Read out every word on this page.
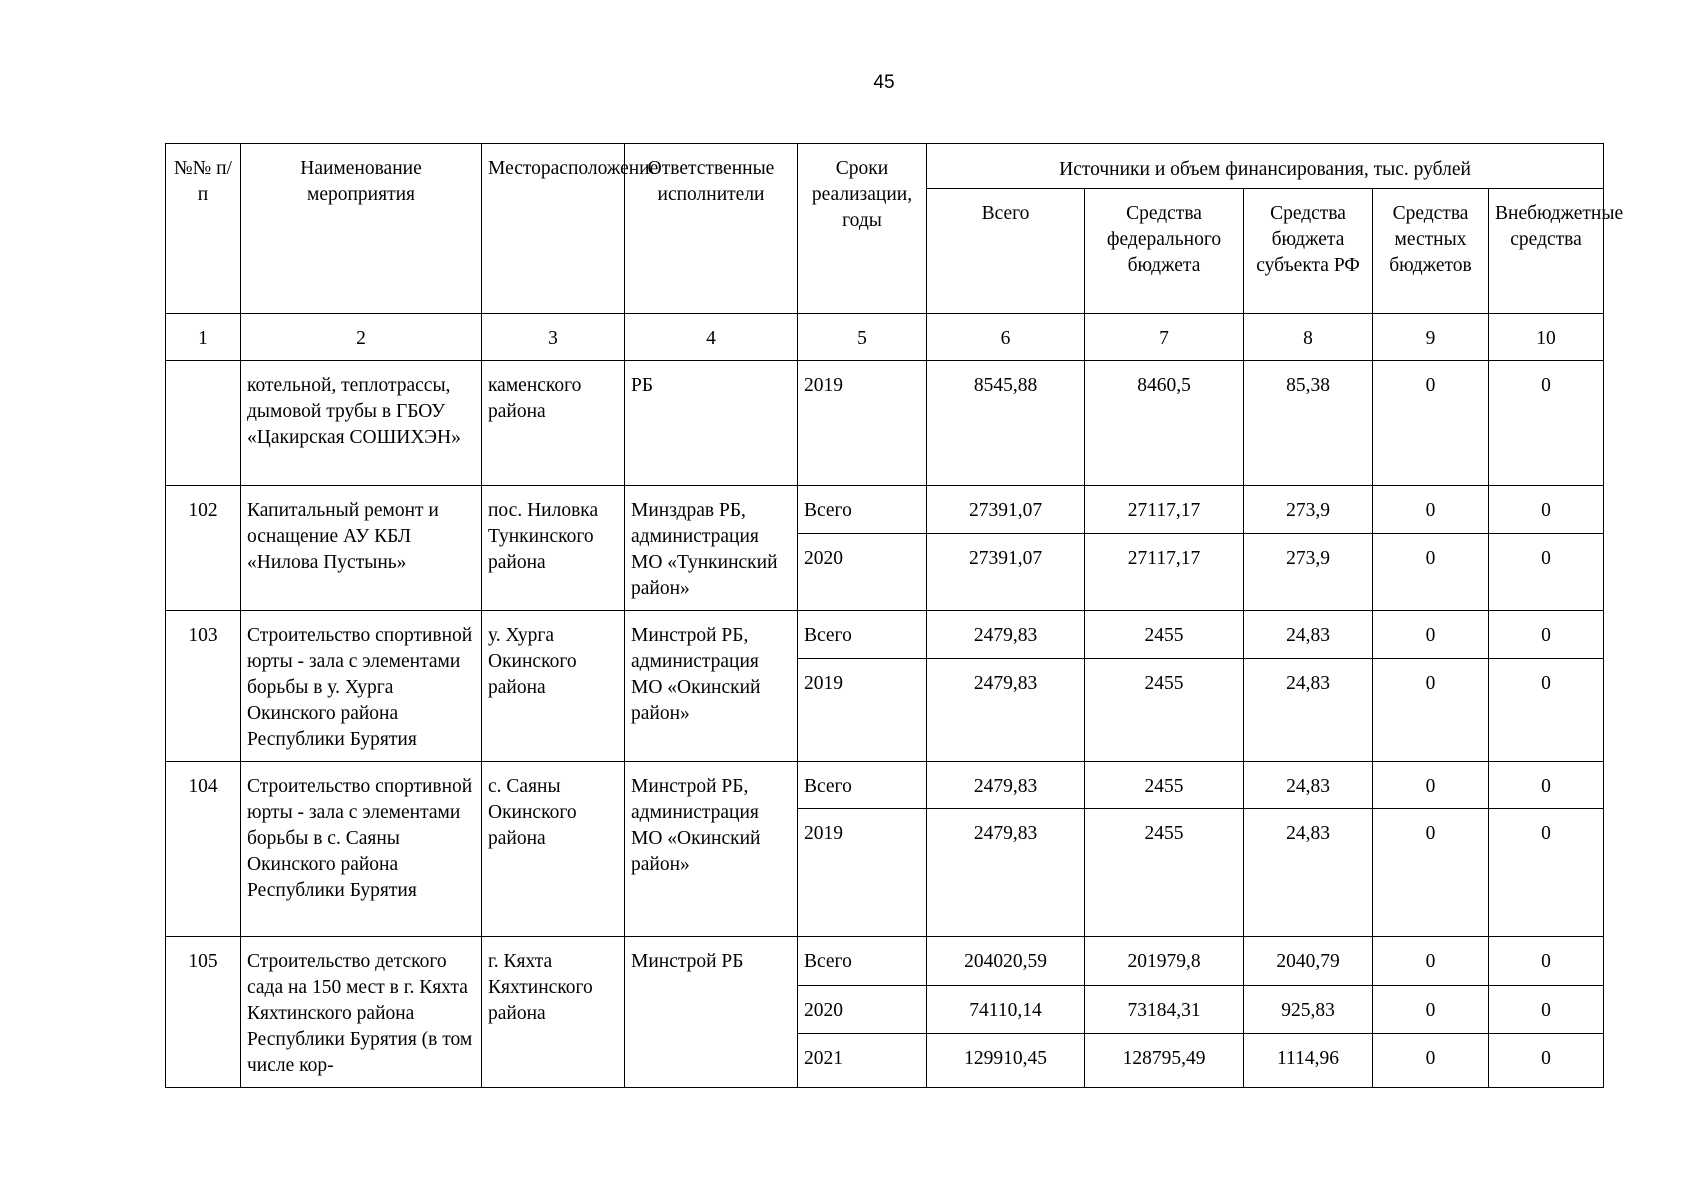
45
№№ п/п	Наименование мероприятия	Месторасположение	Ответственные исполнители	Сроки реализации, годы	Источники и объем финансирования, тыс. рублей				
					Всего	Средства федерального бюджета	Средства бюджета субъекта РФ	Средства местных бюджетов	Внебюджетные средства
1	2	3	4	5	6	7	8	9	10
	котельной, теплотрассы, дымовой трубы в ГБОУ «Цакирская СОШИХЭН»	каменского района	РБ	2019	8545,88	8460,5	85,38	0	0
102	Капитальный ремонт и оснащение АУ КБЛ «Нилова Пустынь»	пос. Ниловка Тункинского района	Минздрав РБ, администрация МО «Тункинский район»	Всего	27391,07	27117,17	273,9	0	0
				2020	27391,07	27117,17	273,9	0	0
103	Строительство спортивной юрты - зала с элементами борьбы в у. Хурга Окинского района Республики Бурятия	у. Хурга Окинского района	Минстрой РБ, администрация МО «Окинский район»	Всего	2479,83	2455	24,83	0	0
				2019	2479,83	2455	24,83	0	0
104	Строительство спортивной юрты - зала с элементами борьбы в с. Саяны Окинского района Республики Бурятия	с. Саяны Окинского района	Минстрой РБ, администрация МО «Окинский район»	Всего	2479,83	2455	24,83	0	0
				2019	2479,83	2455	24,83	0	0
105	Строительство детского сада на 150 мест в г. Кяхта Кяхтинского района Республики Бурятия (в том числе кор-	г. Кяхта Кяхтинского района	Минстрой РБ	Всего	204020,59	201979,8	2040,79	0	0
				2020	74110,14	73184,31	925,83	0	0
				2021	129910,45	128795,49	1114,96	0	0
